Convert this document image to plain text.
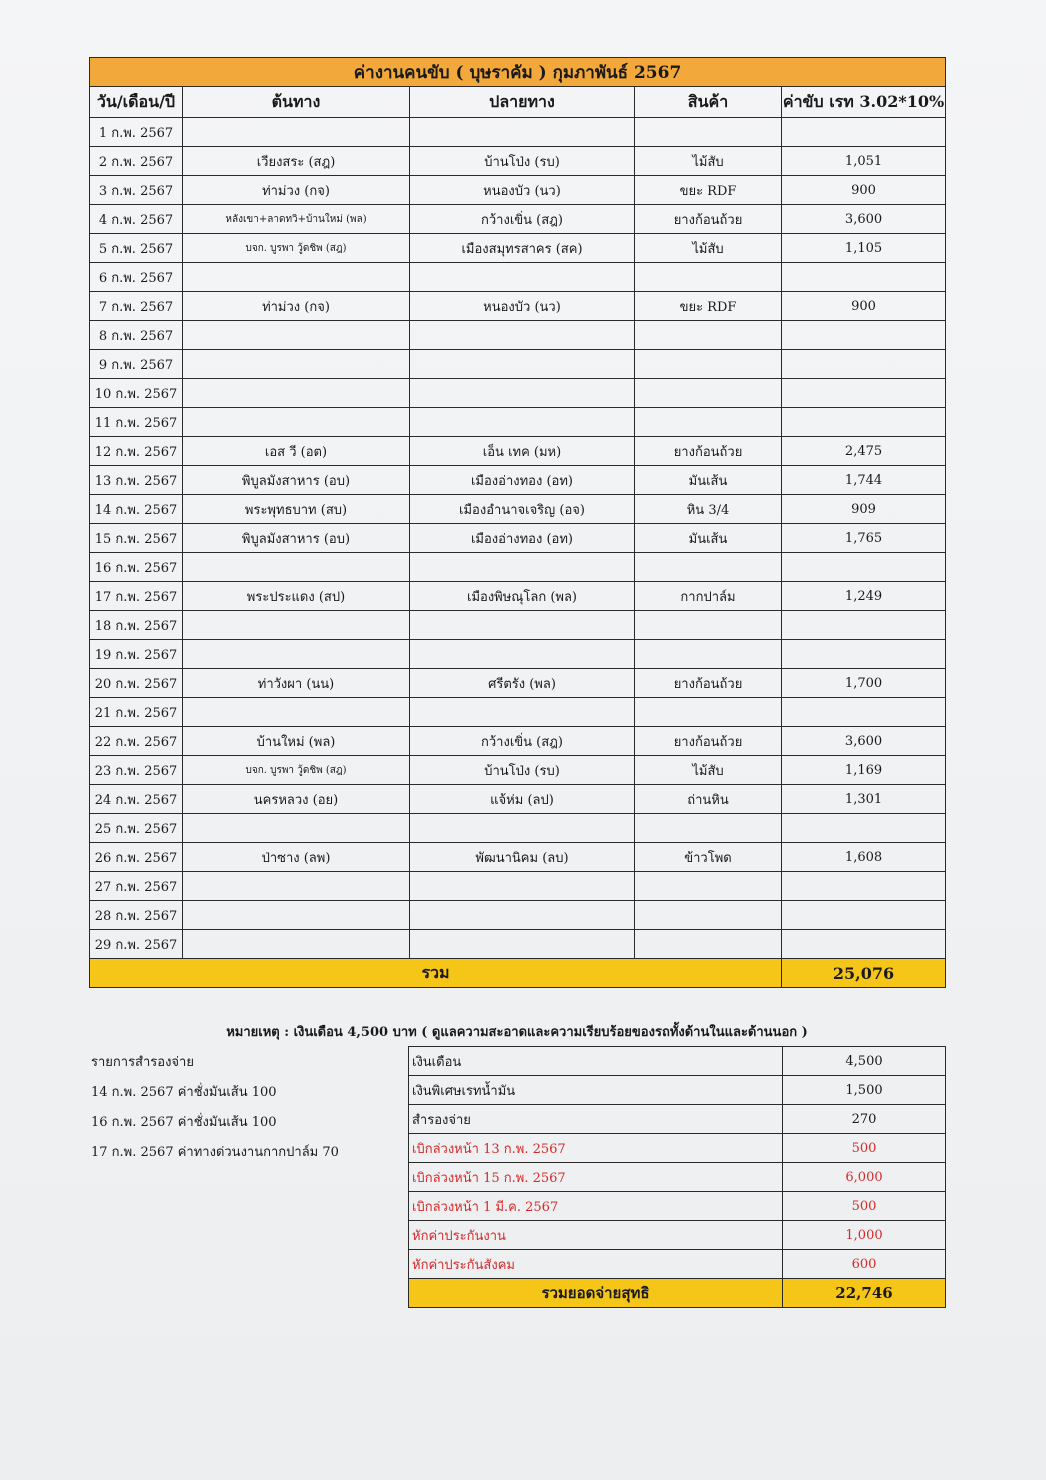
ค่างานคนขับ ( บุษราคัม ) กุมภาพันธ์ 2567				
วัน/เดือน/ปี	ต้นทาง	ปลายทาง	สินค้า	ค่าขับ เรท 3.02*10%
1 ก.พ. 2567				
2 ก.พ. 2567	เวียงสระ (สฎ)	บ้านโป่ง (รบ)	ไม้สับ	1,051
3 ก.พ. 2567	ท่าม่วง (กจ)	หนองบัว (นว)	ขยะ RDF	900
4 ก.พ. 2567	หลังเขา+ลาดทวิ+บ้านใหม่ (พล)	กว้างเขิ่น (สฎ)	ยางก้อนถ้วย	3,600
5 ก.พ. 2567	บจก. บูรพา วู้ดชิพ (สฎ)	เมืองสมุทรสาคร (สค)	ไม้สับ	1,105
6 ก.พ. 2567				
7 ก.พ. 2567	ท่าม่วง (กจ)	หนองบัว (นว)	ขยะ RDF	900
8 ก.พ. 2567				
9 ก.พ. 2567				
10 ก.พ. 2567				
11 ก.พ. 2567				
12 ก.พ. 2567	เอส วี (อต)	เอ็น เทค (มห)	ยางก้อนถ้วย	2,475
13 ก.พ. 2567	พิบูลมังสาหาร (อบ)	เมืองอ่างทอง (อท)	มันเส้น	1,744
14 ก.พ. 2567	พระพุทธบาท (สบ)	เมืองอำนาจเจริญ (อจ)	หิน 3/4	909
15 ก.พ. 2567	พิบูลมังสาหาร (อบ)	เมืองอ่างทอง (อท)	มันเส้น	1,765
16 ก.พ. 2567				
17 ก.พ. 2567	พระประแดง (สป)	เมืองพิษณุโลก (พล)	กากปาล์ม	1,249
18 ก.พ. 2567				
19 ก.พ. 2567				
20 ก.พ. 2567	ท่าวังผา (นน)	ศรีตรัง (พล)	ยางก้อนถ้วย	1,700
21 ก.พ. 2567				
22 ก.พ. 2567	บ้านใหม่ (พล)	กว้างเขิ่น (สฎ)	ยางก้อนถ้วย	3,600
23 ก.พ. 2567	บจก. บูรพา วู้ดชิพ (สฎ)	บ้านโป่ง (รบ)	ไม้สับ	1,169
24 ก.พ. 2567	นครหลวง (อย)	แจ้ห่ม (ลป)	ถ่านหิน	1,301
25 ก.พ. 2567				
26 ก.พ. 2567	ป่าซาง (ลพ)	พัฒนานิคม (ลบ)	ข้าวโพด	1,608
27 ก.พ. 2567				
28 ก.พ. 2567				
29 ก.พ. 2567				
รวม				25,076
หมายเหตุ : เงินเดือน 4,500 บาท ( ดูแลความสะอาดและความเรียบร้อยของรถทั้งด้านในและด้านนอก )
รายการสำรองจ่าย
14 ก.พ. 2567 ค่าชั่งมันเส้น 100
16 ก.พ. 2567 ค่าชั่งมันเส้น 100
17 ก.พ. 2567 ค่าทางด่วนงานกากปาล์ม 70
เงินเดือน	4,500
เงินพิเศษเรทน้ำมัน	1,500
สำรองจ่าย	270
เบิกล่วงหน้า 13 ก.พ. 2567	500
เบิกล่วงหน้า 15 ก.พ. 2567	6,000
เบิกล่วงหน้า 1 มี.ค. 2567	500
หักค่าประกันงาน	1,000
หักค่าประกันสังคม	600
รวมยอดจ่ายสุทธิ	22,746
